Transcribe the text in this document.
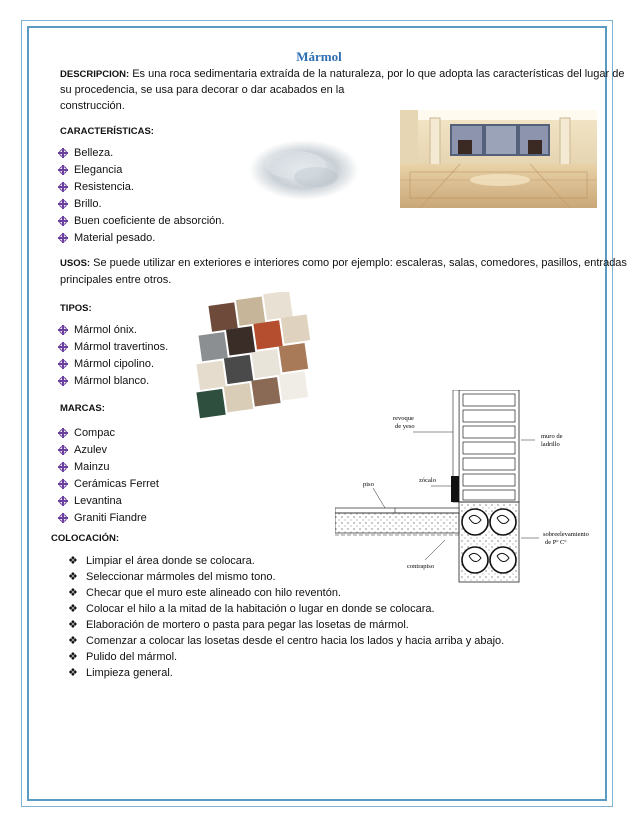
Mármol
DESCRIPCION: Es una roca sedimentaria extraída de la naturaleza, por lo que adopta las características del lugar de
su procedencia, se usa para decorar o dar acabados en la
construcción.
CARACTERÍSTICAS:
Belleza.
Elegancia
Resistencia.
Brillo.
Buen coeficiente de absorción.
Material pesado.
USOS: Se puede utilizar en exteriores e interiores como por ejemplo: escaleras, salas, comedores, pasillos, entradas
principales entre otros.
TIPOS:
Mármol ónix.
Mármol travertinos.
Mármol cipolino.
Mármol blanco.
MARCAS:
Compac
Azulev
Mainzu
Cerámicas Ferret
Levantina
Graniti Fiandre
revoque
de yeso
muro de
ladrillo
zócalo
piso
sobreelevamiento
de Pº Cº
contrapiso
COLOCACIÓN:
❖ Limpiar el área donde se colocara.
❖ Seleccionar mármoles del mismo tono.
❖ Checar que el muro este alineado con hilo reventón.
❖ Colocar el hilo a la mitad de la habitación o lugar en donde se colocara.
❖ Elaboración de mortero o pasta para pegar las losetas de mármol.
❖ Comenzar a colocar las losetas desde el centro hacia los lados y hacia arriba y abajo.
❖ Pulido del mármol.
❖ Limpieza general.
